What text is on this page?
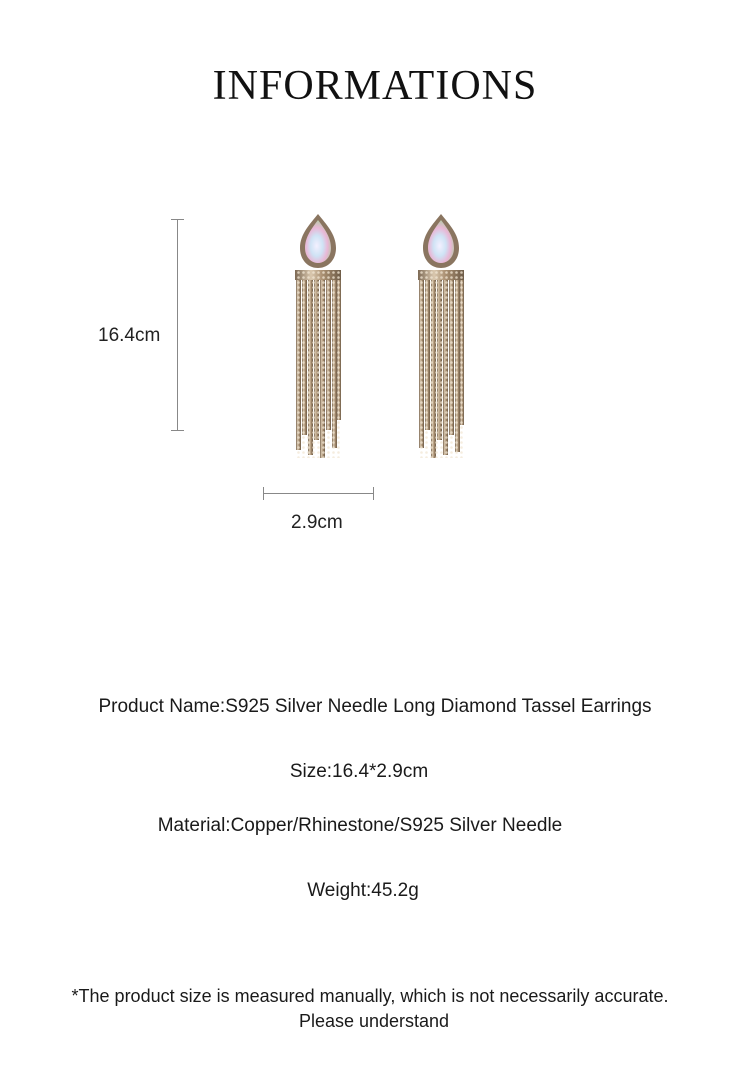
INFORMATIONS
16.4cm
2.9cm
Product Name:S925 Silver Needle Long Diamond Tassel Earrings
Size:16.4*2.9cm
Material:Copper/Rhinestone/S925 Silver Needle
Weight:45.2g
*The product size is measured manually, which is not necessarily accurate.
Please understand
